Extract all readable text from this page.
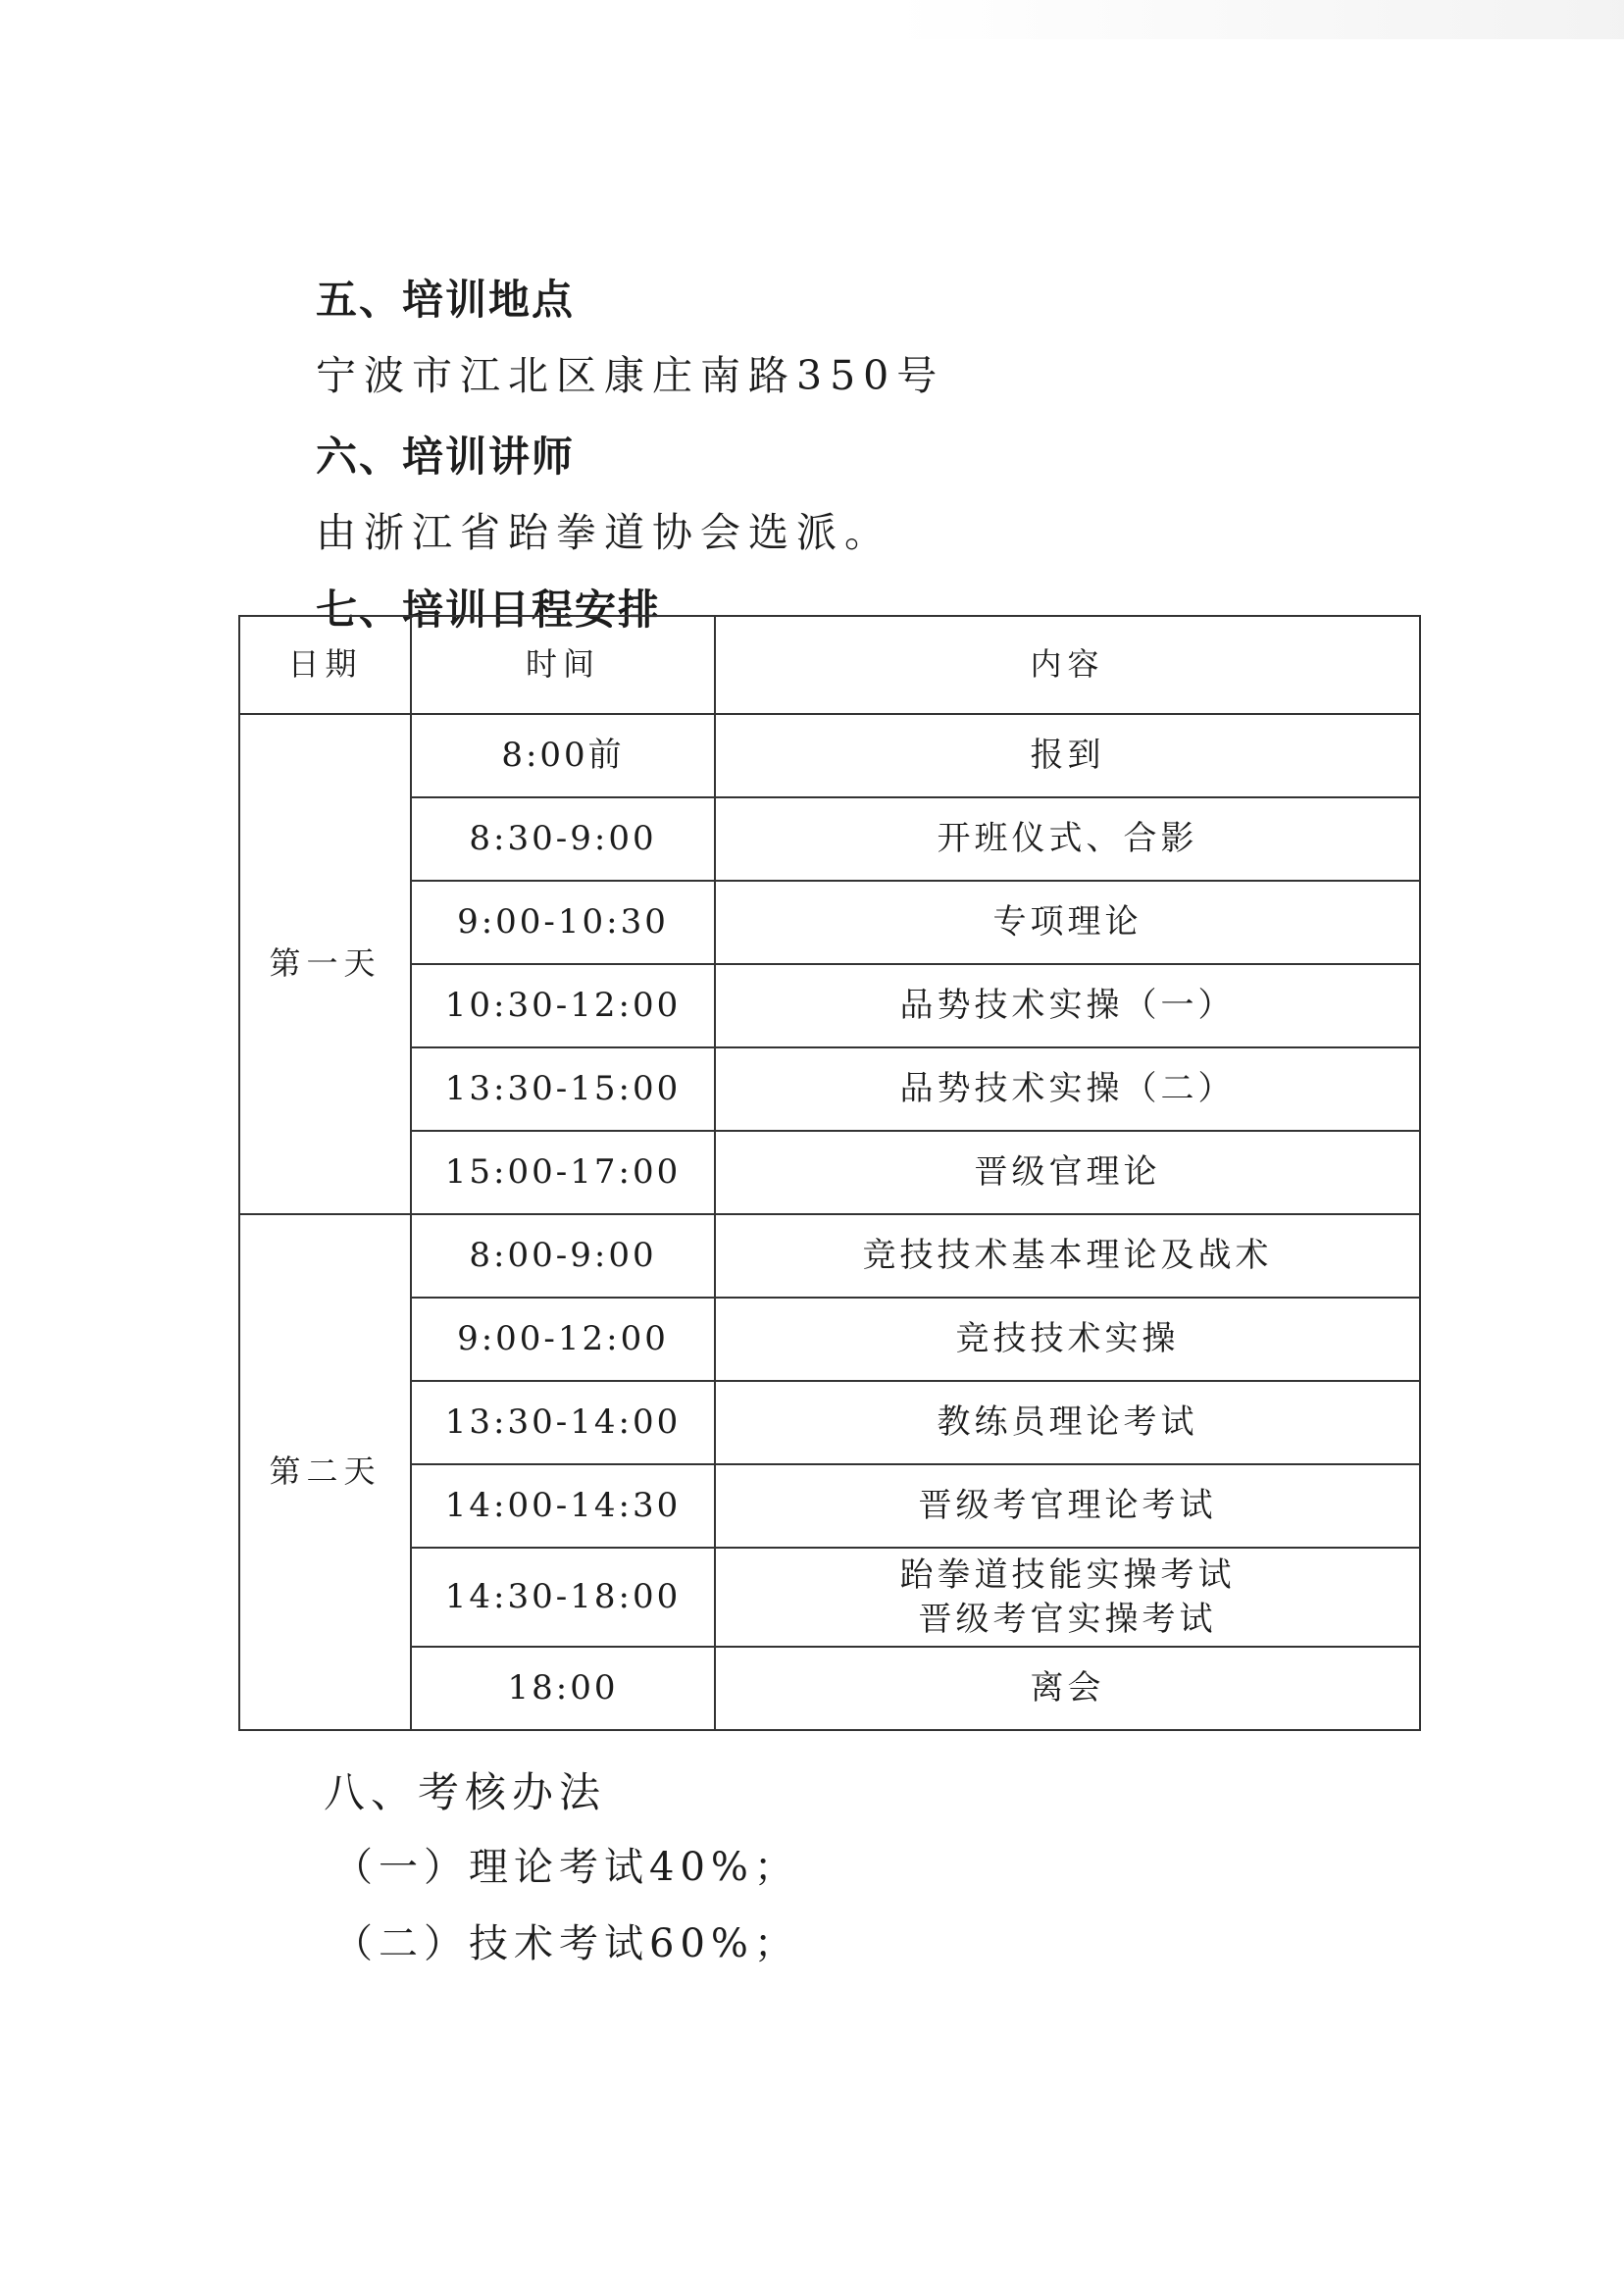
五、培训地点
宁波市江北区康庄南路350号
六、培训讲师
由浙江省跆拳道协会选派。
七、培训日程安排
日期	时间	内容
第一天	8:00前	报到
	8:30-9:00	开班仪式、合影
	9:00-10:30	专项理论
	10:30-12:00	品势技术实操（一）
	13:30-15:00	品势技术实操（二）
	15:00-17:00	晋级官理论
第二天	8:00-9:00	竞技技术基本理论及战术
	9:00-12:00	竞技技术实操
	13:30-14:00	教练员理论考试
	14:00-14:30	晋级考官理论考试
	14:30-18:00	跆拳道技能实操考试
晋级考官实操考试

	18:00	离会
八、考核办法
（一）理论考试40%；
（二）技术考试60%；
